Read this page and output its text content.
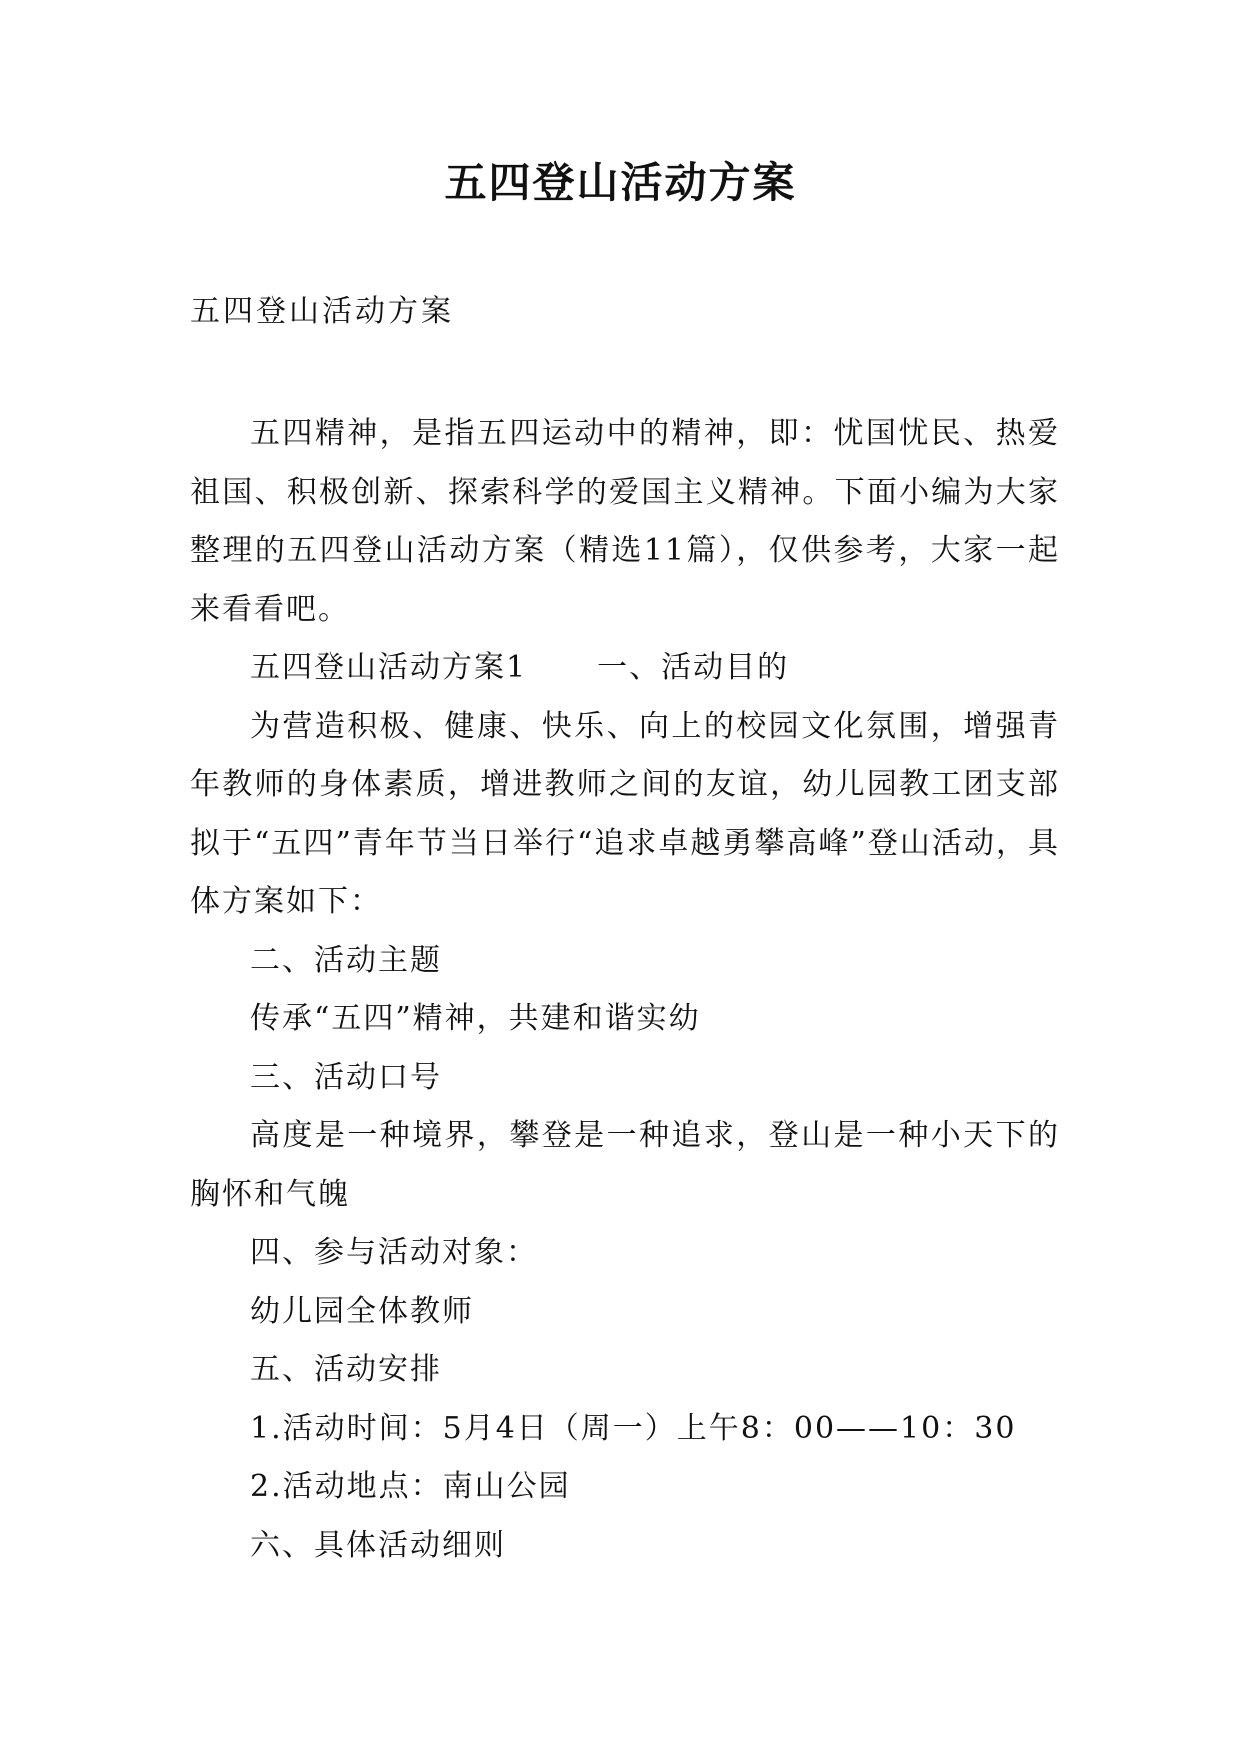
五四登山活动方案
五四登山活动方案

五四精神，是指五四运动中的精神，即：忧国忧民、热爱祖国、积极创新、探索科学的爱国主义精神。下面小编为大家整理的五四登山活动方案（精选11篇），仅供参考，大家一起来看看吧。

五四登山活动方案1 一、活动目的

为营造积极、健康、快乐、向上的校园文化氛围，增强青年教师的身体素质，增进教师之间的友谊，幼儿园教工团支部拟于“五四”青年节当日举行“追求卓越勇攀高峰”登山活动，具体方案如下：

二、活动主题

传承“五四”精神，共建和谐实幼

三、活动口号

高度是一种境界，攀登是一种追求，登山是一种小天下的胸怀和气魄

四、参与活动对象：

幼儿园全体教师

五、活动安排

1.活动时间：5月4日（周一）上午8：00——10：30

2.活动地点：南山公园

六、具体活动细则
